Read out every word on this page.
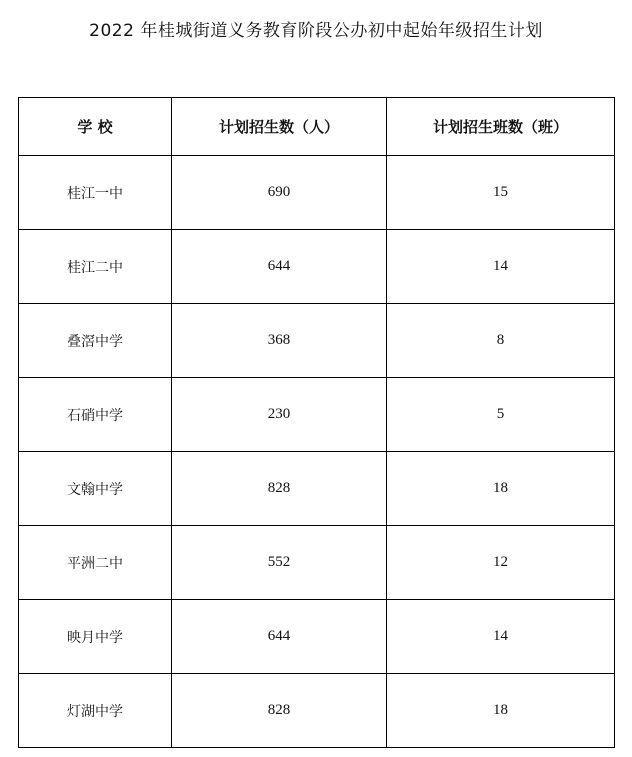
2022 年桂城街道义务教育阶段公办初中起始年级招生计划
学 校	计划招生数（人）	计划招生班数（班）
桂江一中	690	15
桂江二中	644	14
叠滘中学	368	8
石硝中学	230	5
文翰中学	828	18
平洲二中	552	12
映月中学	644	14
灯湖中学	828	18
